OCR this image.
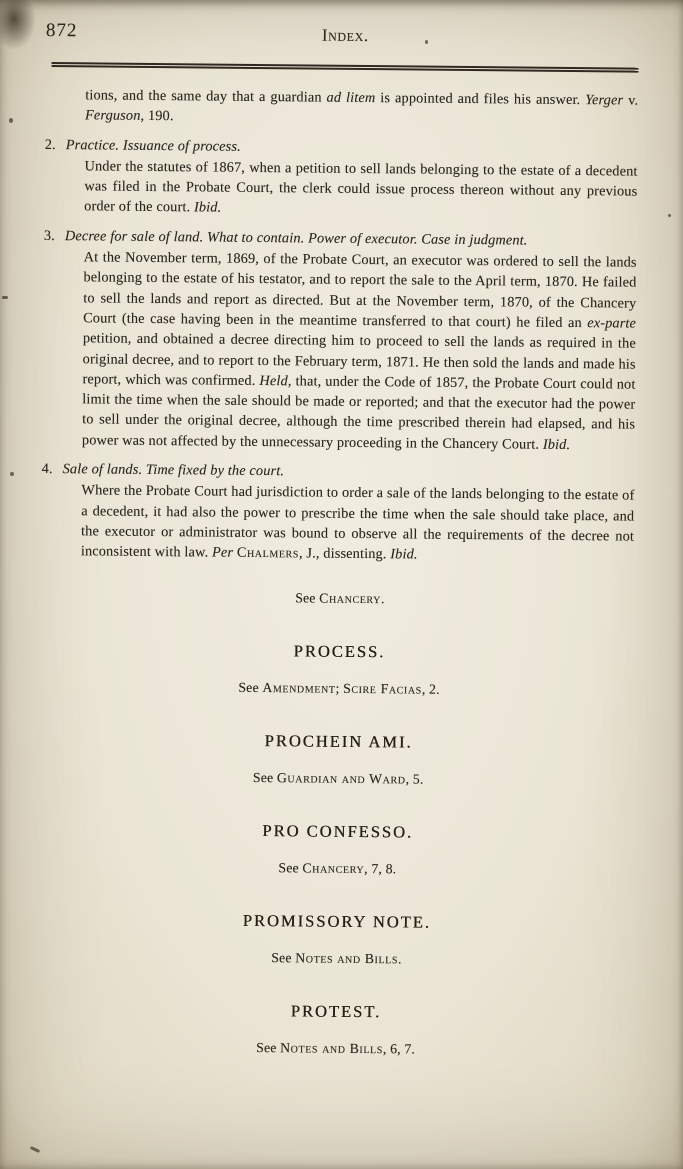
872	Index.

tions, and the same day that a guardian ad litem is appointed and files his answer. Yerger v. Ferguson, 190.

2. Practice. Issuance of process.

Under the statutes of 1867, when a petition to sell lands belonging to the estate of a decedent was filed in the Probate Court, the clerk could issue process thereon without any previous order of the court. Ibid.

3. Decree for sale of land. What to contain. Power of executor. Case in judgment.

At the November term, 1869, of the Probate Court, an executor was ordered to sell the lands belonging to the estate of his testator, and to report the sale to the April term, 1870. He failed to sell the lands and report as directed. But at the November term, 1870, of the Chancery Court (the case having been in the meantime transferred to that court) he filed an ex-parte petition, and obtained a decree directing him to proceed to sell the lands as required in the original decree, and to report to the February term, 1871. He then sold the lands and made his report, which was confirmed. Held, that, under the Code of 1857, the Probate Court could not limit the time when the sale should be made or reported; and that the executor had the power to sell under the original decree, although the time prescribed therein had elapsed, and his power was not affected by the unnecessary proceeding in the Chancery Court. Ibid.

4. Sale of lands. Time fixed by the court.

Where the Probate Court had jurisdiction to order a sale of the lands belonging to the estate of a decedent, it had also the power to prescribe the time when the sale should take place, and the executor or administrator was bound to observe all the requirements of the decree not inconsistent with law. Per Chalmers, J., dissenting. Ibid.

See Chancery.

PROCESS.

See Amendment; Scire Facias, 2.

PROCHEIN AMI.

See Guardian and Ward, 5.

PRO CONFESSO.

See Chancery, 7, 8.

PROMISSORY NOTE.

See Notes and Bills.

PROTEST.

See Notes and Bills, 6, 7.
